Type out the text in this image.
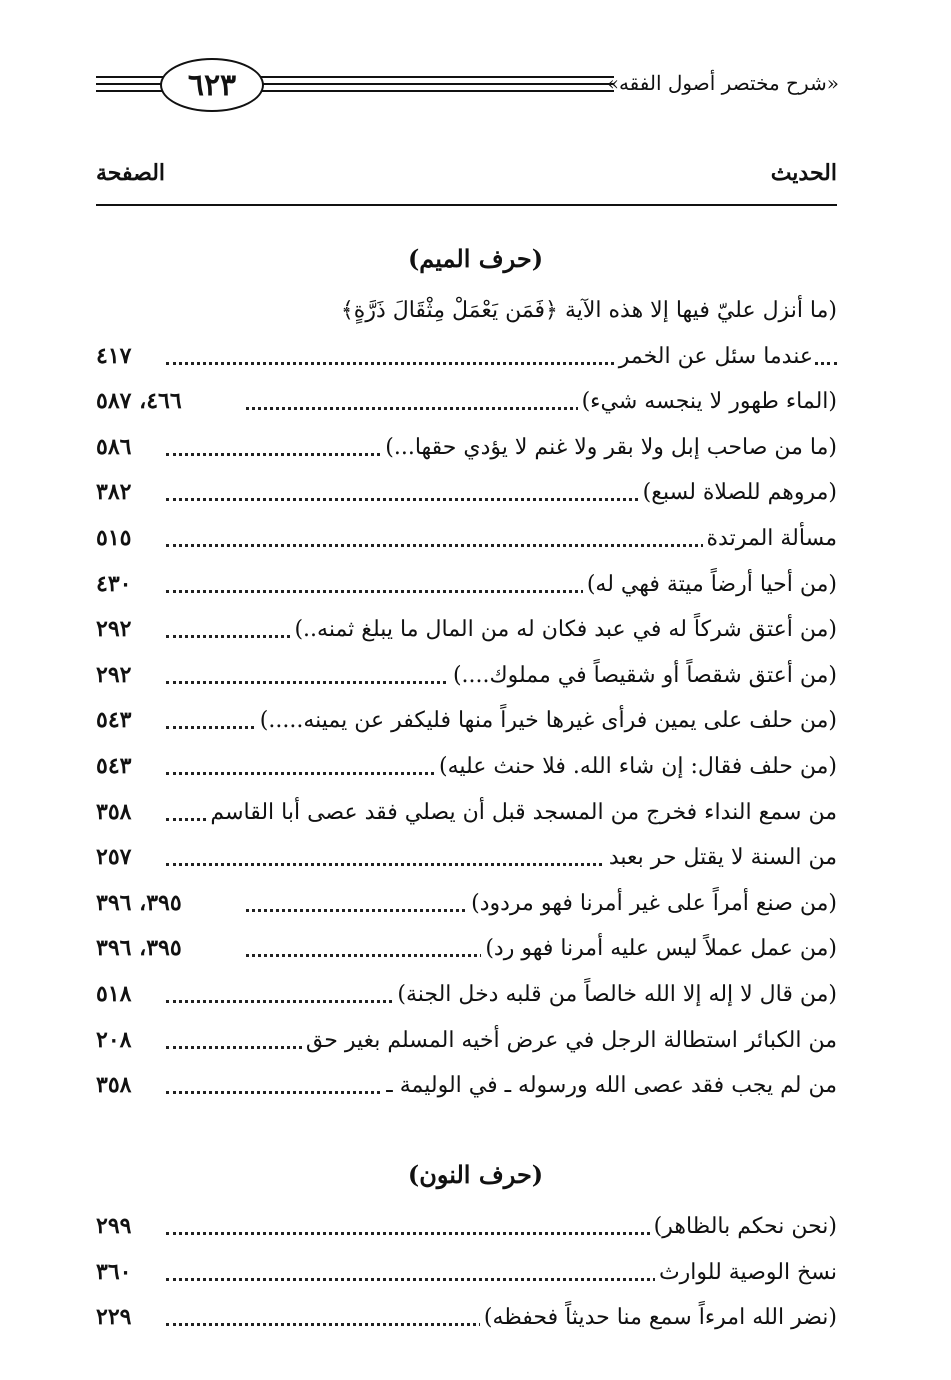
٦٢٣	«شرح مختصر أصول الفقه»
الحديث
الصفحة
(حرف الميم)
(ما أنزل عليّ فيها إلا هذه الآية ﴿فَمَن يَعْمَلْ مِثْقَالَ ذَرَّةٍ﴾
عندما سئل عن الخمر
٤١٧
(الماء طهور لا ينجسه شيء)
٤٦٦، ٥٨٧
(ما من صاحب إبل ولا بقر ولا غنم لا يؤدي حقها...)
٥٨٦
(مروهم للصلاة لسبع)
٣٨٢
مسألة المرتدة
٥١٥
(من أحيا أرضاً ميتة فهي له)
٤٣٠
(من أعتق شركاً له في عبد فكان له من المال ما يبلغ ثمنه..)
٢٩٢
(من أعتق شقصاً أو شقيصاً في مملوك....)
٢٩٢
(من حلف على يمين فرأى غيرها خيراً منها فليكفر عن يمينه.....)
٥٤٣
(من حلف فقال: إن شاء الله. فلا حنث عليه)
٥٤٣
من سمع النداء فخرج من المسجد قبل أن يصلي فقد عصى أبا القاسم
٣٥٨
من السنة لا يقتل حر بعبد
٢٥٧
(من صنع أمراً على غير أمرنا فهو مردود)
٣٩٥، ٣٩٦
(من عمل عملاً ليس عليه أمرنا فهو رد)
٣٩٥، ٣٩٦
(من قال لا إله إلا الله خالصاً من قلبه دخل الجنة)
٥١٨
من الكبائر استطالة الرجل في عرض أخيه المسلم بغير حق
٢٠٨
من لم يجب فقد عصى الله ورسوله ـ في الوليمة ـ
٣٥٨
(حرف النون)
(نحن نحكم بالظاهر)
٢٩٩
نسخ الوصية للوارث
٣٦٠
(نضر الله امرءاً سمع منا حديثاً فحفظه)
٢٢٩
